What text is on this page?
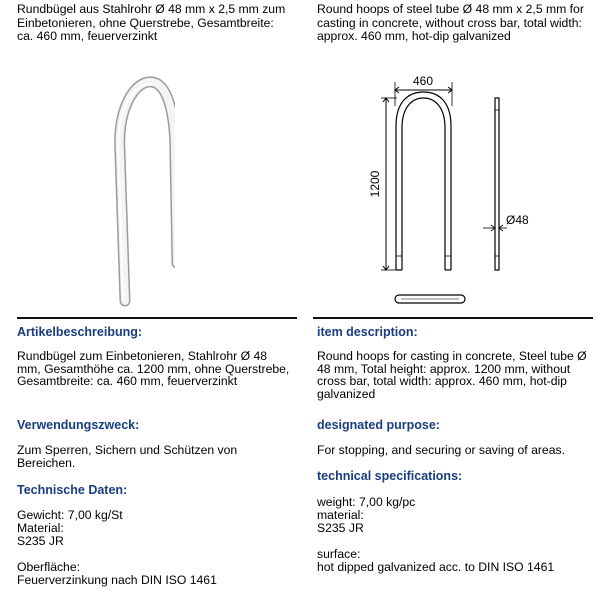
Rundbügel aus Stahlrohr Ø 48 mm x 2,5 mm zum Einbetonieren, ohne Querstrebe, Gesamtbreite: ca. 460 mm, feuerverzinkt

Artikelbeschreibung:

Rundbügel zum Einbetonieren, Stahlrohr Ø 48 mm, Gesamthöhe ca. 1200 mm, ohne Querstrebe, Gesamtbreite: ca. 460 mm, feuerverzinkt

Verwendungszweck:

Zum Sperren, Sichern und Schützen von Bereichen.

Technische Daten:

Gewicht: 7,00 kg/St

Material:

S235 JR

Oberfläche:

Feuerverzinkung nach DIN ISO 1461

Round hoops of steel tube Ø 48 mm x 2,5 mm for casting in concrete, without cross bar, total width: approx. 460 mm, hot-dip galvanized

460
1200
Ø48
item description:

Round hoops for casting in concrete, Steel tube Ø 48 mm, Total height: approx. 1200 mm, without cross bar, total width: approx. 460 mm, hot-dip galvanized

designated purpose:

For stopping, and securing or saving of areas.

technical specifications:

weight: 7,00 kg/pc

material:

S235 JR

surface:

hot dipped galvanized acc. to DIN ISO 1461
